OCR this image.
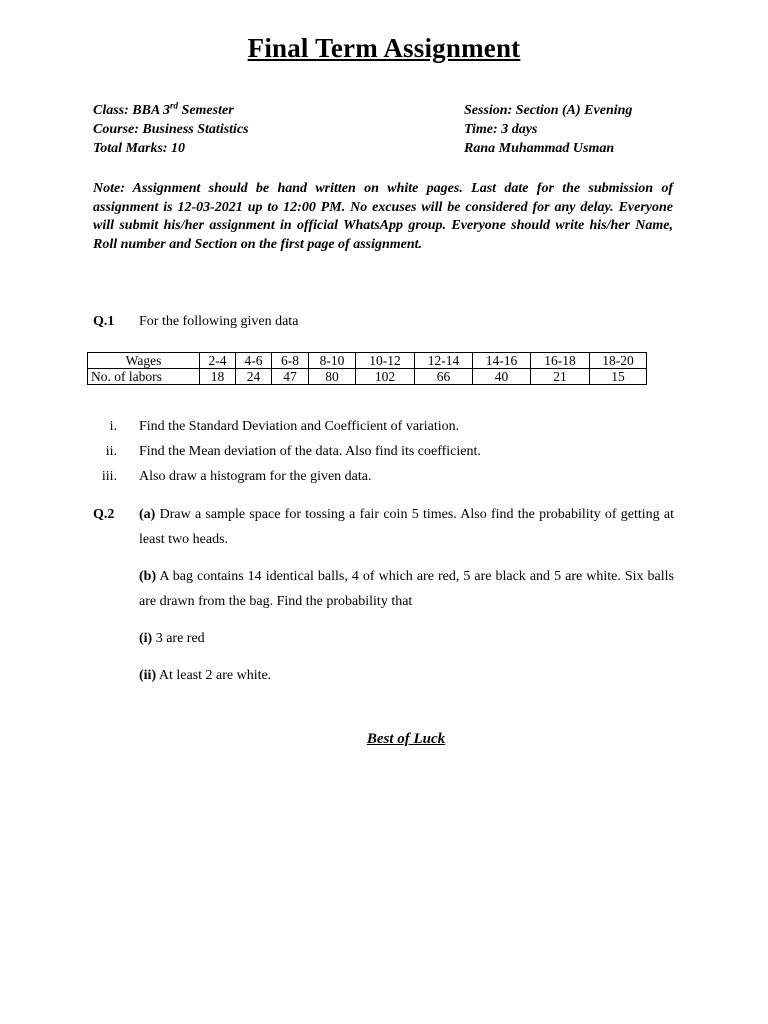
Final Term Assignment
Class: BBA 3rd Semester
Course: Business Statistics
Total Marks: 10
Session: Section (A) Evening
Time: 3 days
Rana Muhammad Usman
Note: Assignment should be hand written on white pages. Last date for the submission of assignment is 12-03-2021 up to 12:00 PM. No excuses will be considered for any delay. Everyone will submit his/her assignment in official WhatsApp group. Everyone should write his/her Name, Roll number and Section on the first page of assignment.
Q.1 For the following given data
Wages	2-4	4-6	6-8	8-10	10-12	12-14	14-16	16-18	18-20
No. of labors	18	24	47	80	102	66	40	21	15
i. Find the Standard Deviation and Coefficient of variation.
ii. Find the Mean deviation of the data. Also find its coefficient.
iii. Also draw a histogram for the given data.
Q.2 (a) Draw a sample space for tossing a fair coin 5 times. Also find the probability of getting at least two heads.
(b) A bag contains 14 identical balls, 4 of which are red, 5 are black and 5 are white. Six balls are drawn from the bag. Find the probability that
(i) 3 are red
(ii) At least 2 are white.
Best of Luck
